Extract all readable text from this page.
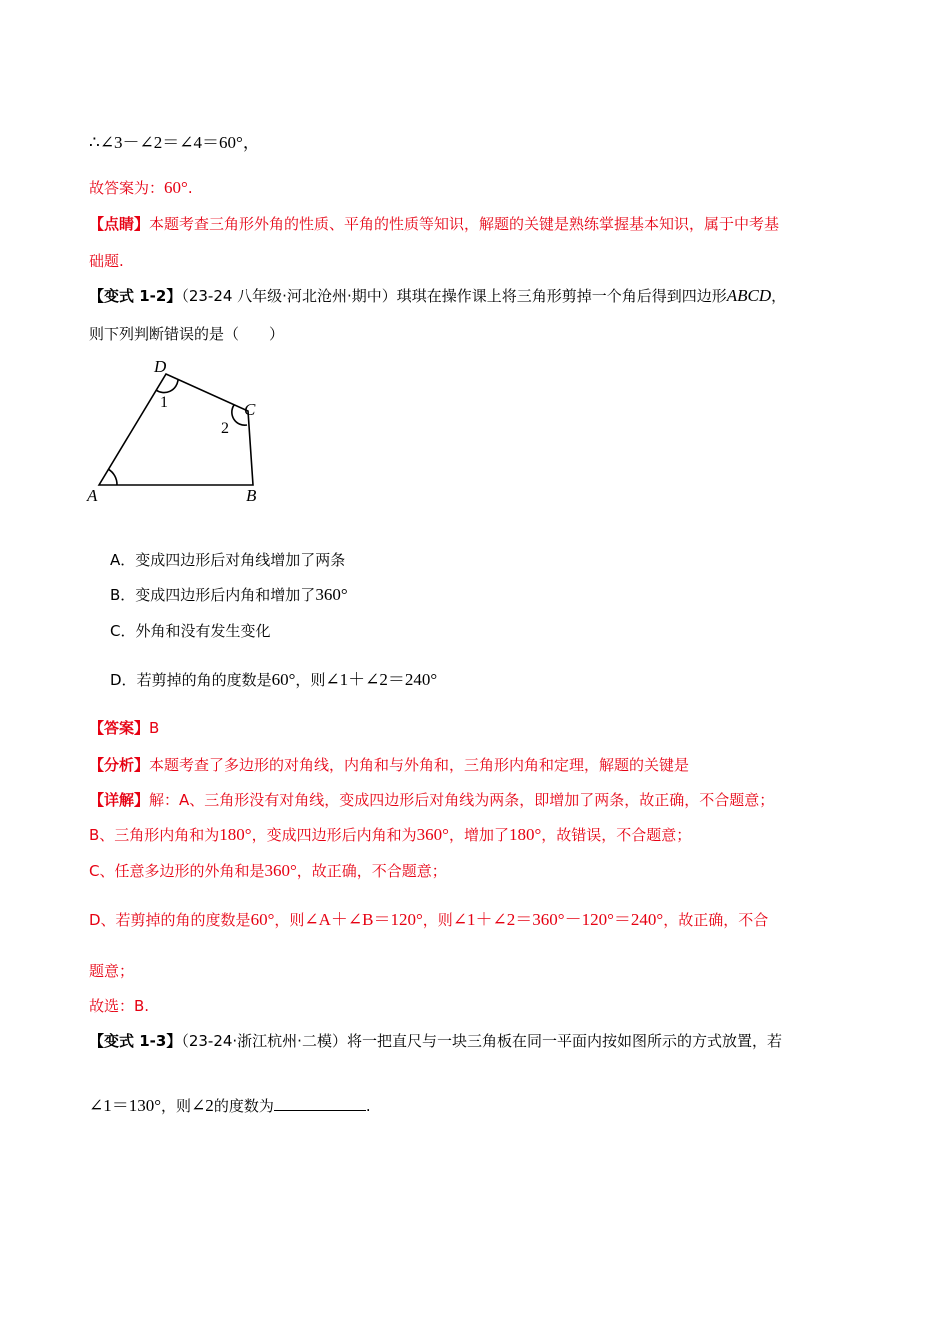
∴∠3－∠2＝∠4＝60°，
故答案为：60°.
【点睛】本题考查三角形外角的性质、平角的性质等知识，解题的关键是熟练掌握基本知识，属于中考基
础题.
【变式 1-2】（23-24 八年级·河北沧州·期中）琪琪在操作课上将三角形剪掉一个角后得到四边形ABCD，
则下列判断错误的是（　　）
D
C
A	B
1
2
A．变成四边形后对角线增加了两条
B．变成四边形后内角和增加了360°
C．外角和没有发生变化
D．若剪掉的角的度数是60°，则∠1＋∠2＝240°
【答案】B
【分析】本题考查了多边形的对角线，内角和与外角和，三角形内角和定理，解题的关键是
【详解】解：A、三角形没有对角线，变成四边形后对角线为两条，即增加了两条，故正确，不合题意；
B、三角形内角和为180°，变成四边形后内角和为360°，增加了180°，故错误，不合题意；
C、任意多边形的外角和是360°，故正确，不合题意；
D、若剪掉的角的度数是60°，则∠A＋∠B＝120°，则∠1＋∠2＝360°－120°＝240°，故正确，不合
题意；
故选：B.
【变式 1-3】（23-24·浙江杭州·二模）将一把直尺与一块三角板在同一平面内按如图所示的方式放置，若
∠1＝130°，则∠2的度数为	.
